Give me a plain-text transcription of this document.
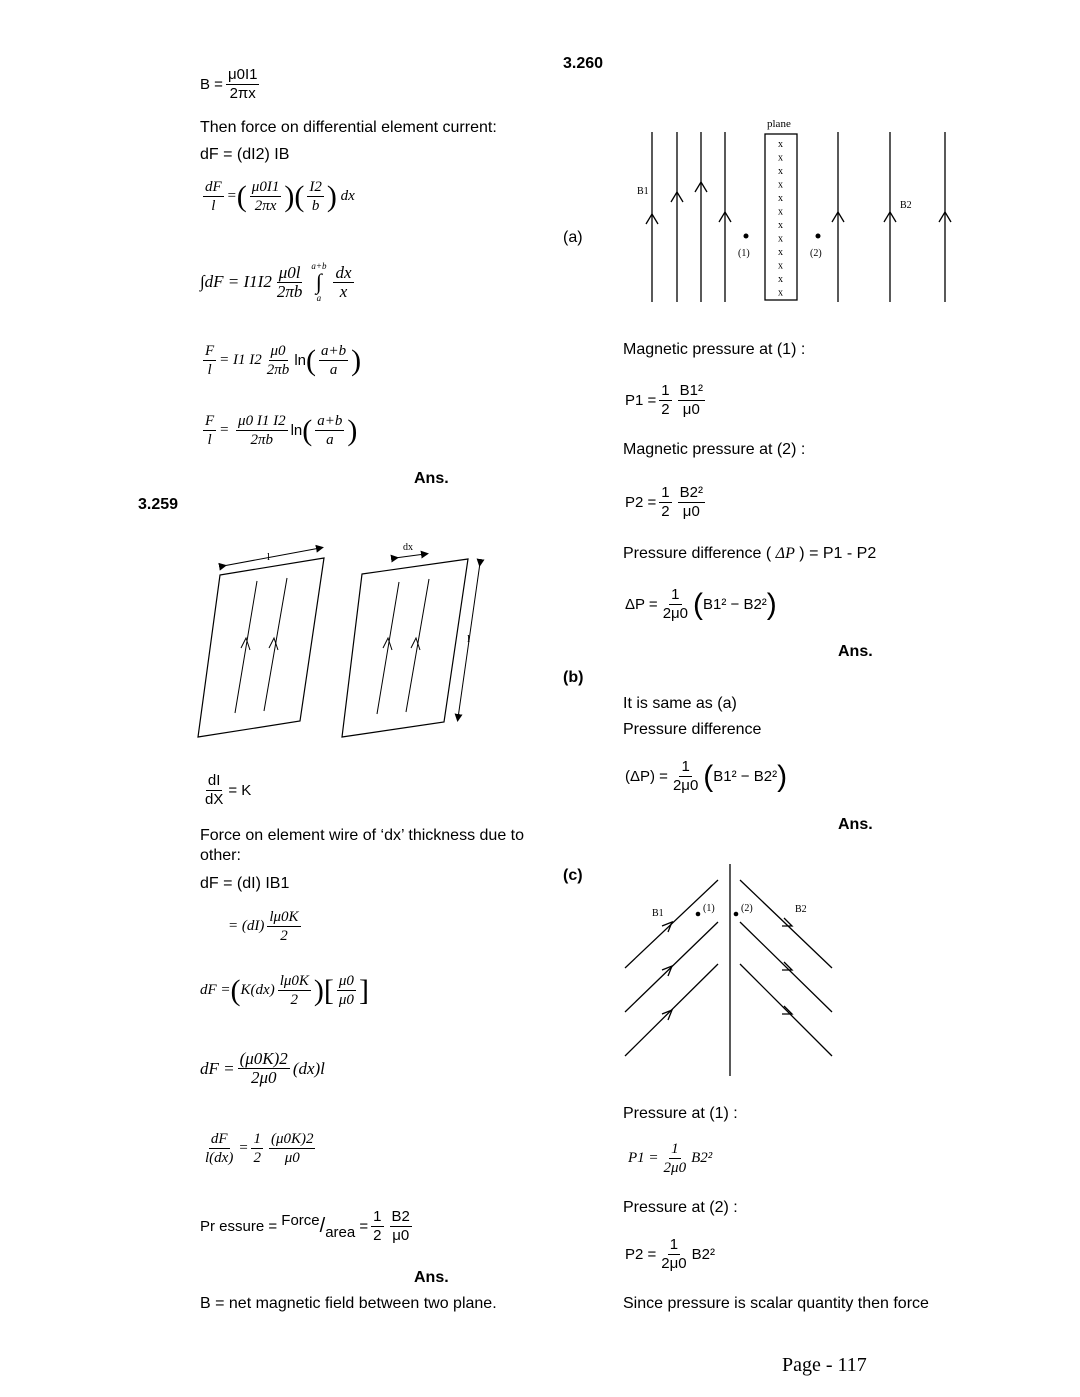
$B = \frac{\mu 0I1}{2\pi x}$
Then force on differential element current:
dF = (dI2) IB
$\frac{dF}{l}$ = ( $\frac{\mu 0I1}{2\pi x}$ ) ( $\frac{I2}{b}$ )
dx
$\int dF = I1I2 \frac{\mu 0l}{2\pi b} a+b$
∫
a $\frac{dx}{x}$
$\frac{F}{l} = I1$ $I2 \frac{\mu 0}{2\pi b}$ ln ( $\frac{a+b}{a}$ )
$\frac{F}{l} = \frac{\mu 0 I1 I2}{2\pi b}$ ln ( $\frac{a+b}{a}$ )
Ans.
3.259
l
dx
l
$\frac{dI}{dX} = K$
Force on element wire of ‘dx’ thickness due to other:
dF = (dI) IB1
= $(dI) \frac{l\mu 0K}{2}$
dF = ( $K(dx) \frac{l\mu 0K}{2}$ ) [ $\frac{\mu 0}{\mu 0}$ ]
dF = $\frac{(\mu 0K)2}{2\mu 0} (dx)l$
$\frac{dF}{l(dx)} = \frac{1}{2} \frac{(\mu 0K)2}{\mu 0}$
Pr essure =
Force / area = $\frac{1}{2} \frac{B2}{\mu 0}$
Ans.
B = net magnetic field between two plane.
3.260
(a)
plane
x
x
x
x
x
x
x
x
x
x
x
x
B1
B2
(1)	(2)
Magnetic pressure at (1) :
$P1 = \frac{1}{2} \frac{\text{B1²}}{\mu 0}$
Magnetic pressure at (2) :
$P2 = \frac{1}{2} \frac{\text{B2²}}{\mu 0}$
Pressure difference ( ΔP ) = P1 - P2
$\Delta P = \frac{1}{2\mu 0}$ ( B1² − B2² )
Ans.
(b)
It is same as (a)
Pressure difference
$(\Delta P) = \frac{1}{2\mu 0}$ ( B1² − B2² )
Ans.
(c)
B1	B2
(1)	(2)
Pressure at (1) :
$P1 = \frac{1}{2\mu 0} B2^2$
Pressure at (2) :
$P2 = \frac{1}{2\mu 0} B2^2$
Since pressure is scalar quantity then force
Page - 117
